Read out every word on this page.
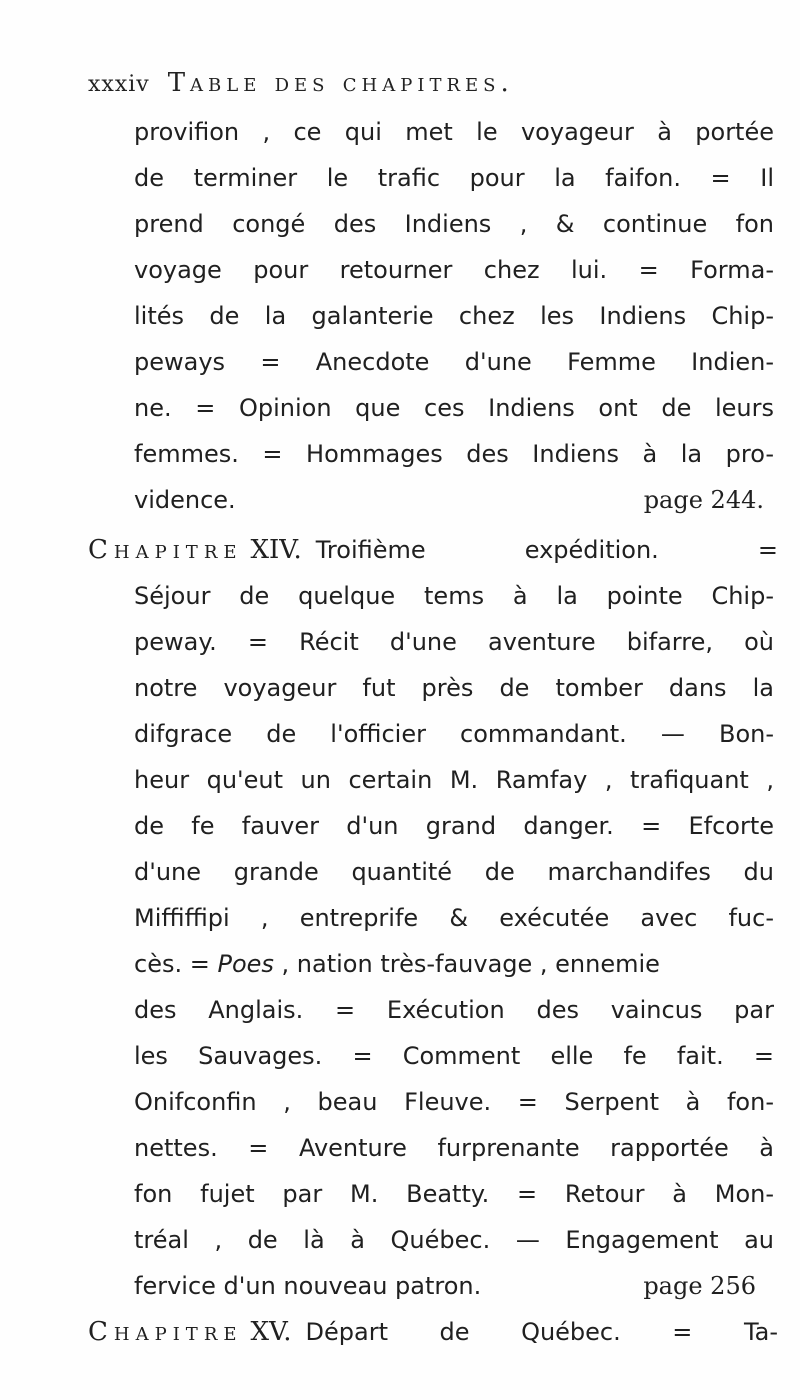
xxxiv Table des chapitres.
provifion , ce qui met le voyageur à portée
de terminer le trafic pour la faifon. = Il
prend congé des Indiens , & continue fon
voyage pour retourner chez lui. = Forma-
lités de la galanterie chez les Indiens Chip-
peways = Anecdote d'une Femme Indien-
ne. = Opinion que ces Indiens ont de leurs
femmes. = Hommages des Indiens à la pro-
vidence.	page 244.
Chapitre XIV. Troifième expédition. =
Séjour de quelque tems à la pointe Chip-
peway. = Récit d'une aventure bifarre, où
notre voyageur fut près de tomber dans la
difgrace de l'officier commandant. — Bon-
heur qu'eut un certain M. Ramfay , trafiquant ,
de fe fauver d'un grand danger. = Efcorte
d'une grande quantité de marchandifes du
Miffiffipi , entreprife & exécutée avec fuc-
cès. = Poes , nation très-fauvage , ennemie
des Anglais. = Exécution des vaincus par
les Sauvages. = Comment elle fe fait. =
Onifconfin , beau Fleuve. = Serpent à fon-
nettes. = Aventure furprenante rapportée à
fon fujet par M. Beatty. = Retour à Mon-
tréal , de là à Québec. — Engagement au
fervice d'un nouveau patron.	page 256
Chapitre XV. Départ de Québec. = Ta-
